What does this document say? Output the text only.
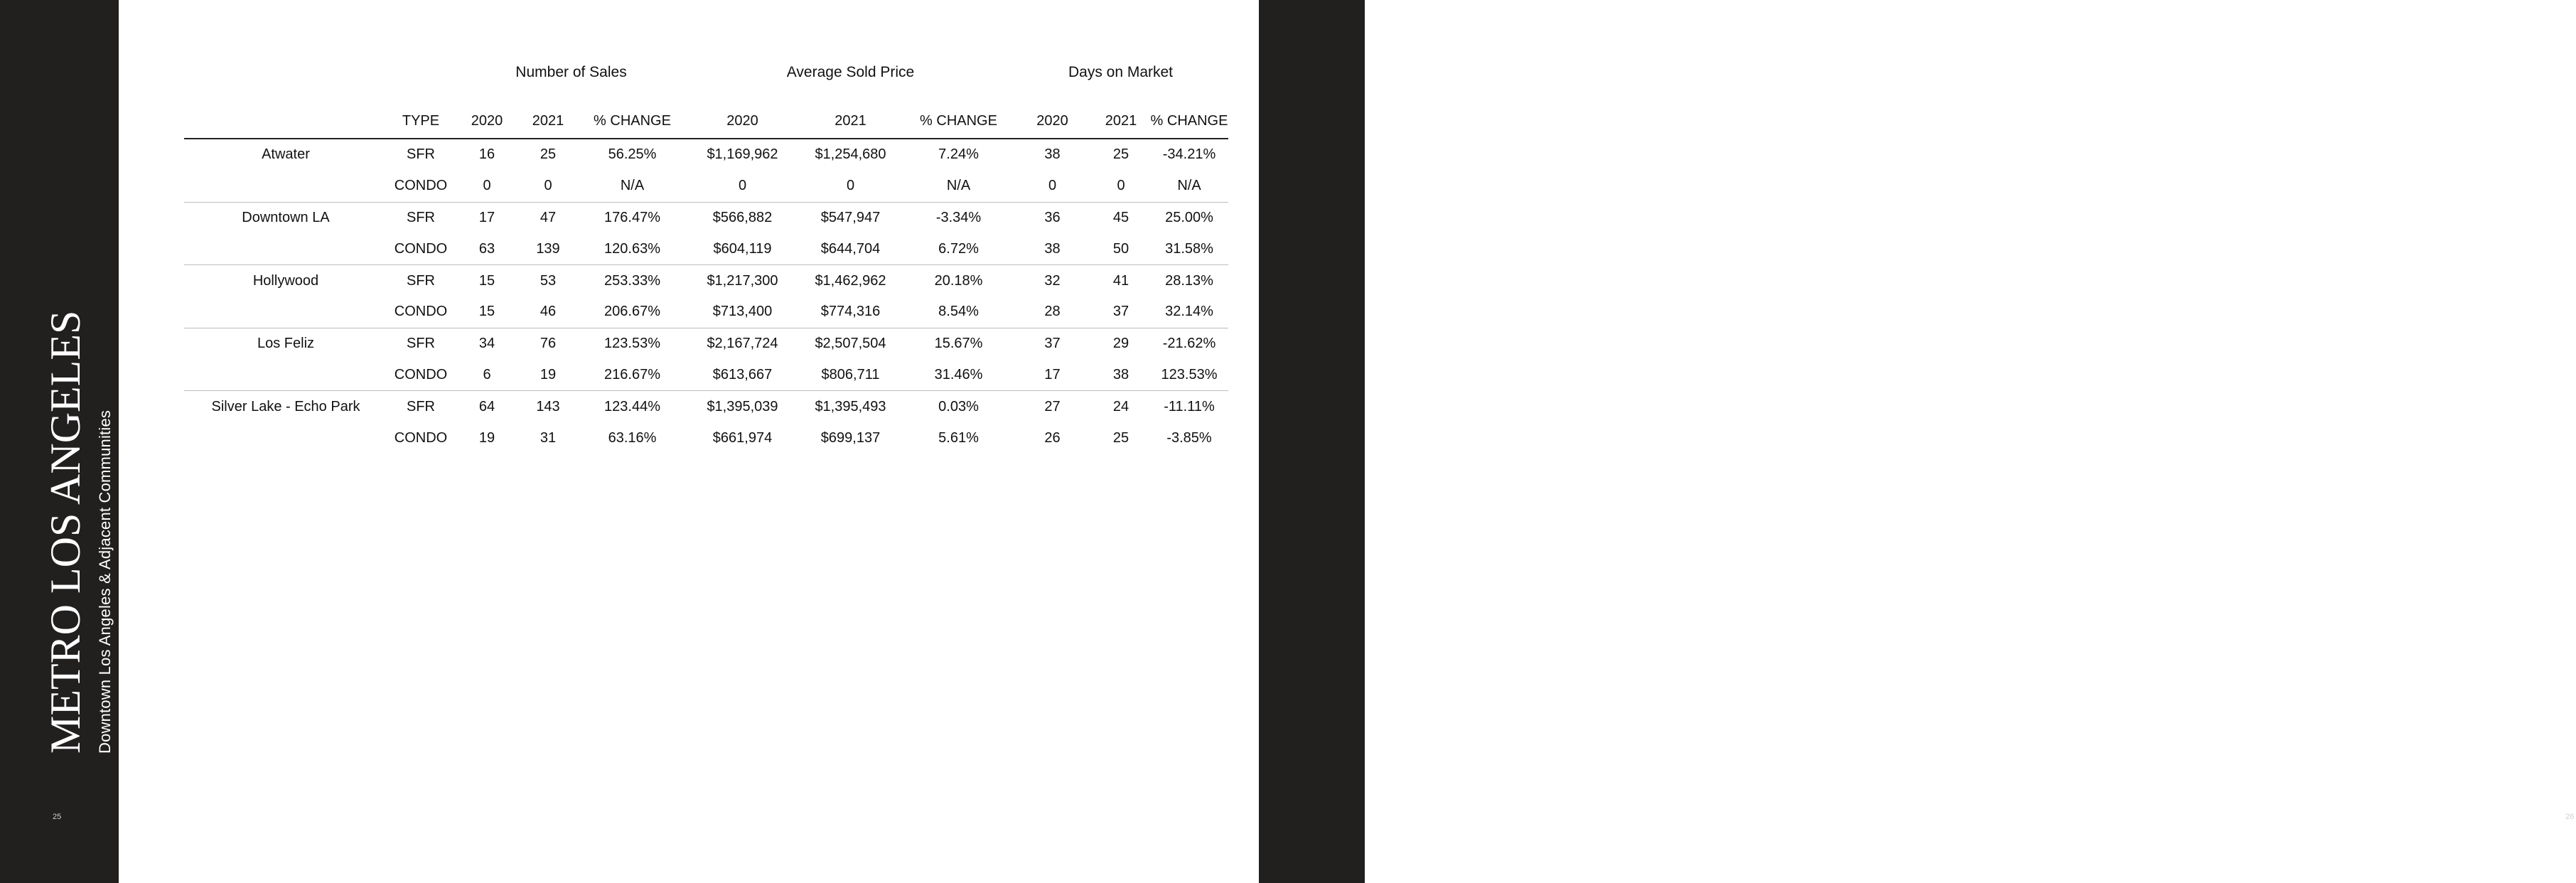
METRO LOS ANGELES Downtown Los Angeles & Adjacent Communities
25
Q2 2021
COMPASS LOS ANGELES QUARTERLY MARKET (MIRCO) INSIGHTS REPORT
26
		Number of Sales			Average Sold Price			Days on Market		

	TYPE	2020	2021	% CHANGE	2020	2021	% CHANGE	2020	2021	% CHANGE
Atwater	SFR	16	25	56.25%	$1,169,962	$1,254,680	7.24%	38	25	-34.21%
	CONDO	0	0	N/A	0	0	N/A	0	0	N/A
Downtown LA	SFR	17	47	176.47%	$566,882	$547,947	-3.34%	36	45	25.00%
	CONDO	63	139	120.63%	$604,119	$644,704	6.72%	38	50	31.58%
Hollywood	SFR	15	53	253.33%	$1,217,300	$1,462,962	20.18%	32	41	28.13%
	CONDO	15	46	206.67%	$713,400	$774,316	8.54%	28	37	32.14%
Los Feliz	SFR	34	76	123.53%	$2,167,724	$2,507,504	15.67%	37	29	-21.62%
	CONDO	6	19	216.67%	$613,667	$806,711	31.46%	17	38	123.53%
Silver Lake - Echo Park	SFR	64	143	123.44%	$1,395,039	$1,395,493	0.03%	27	24	-11.11%
	CONDO	19	31	63.16%	$661,974	$699,137	5.61%	26	25	-3.85%
